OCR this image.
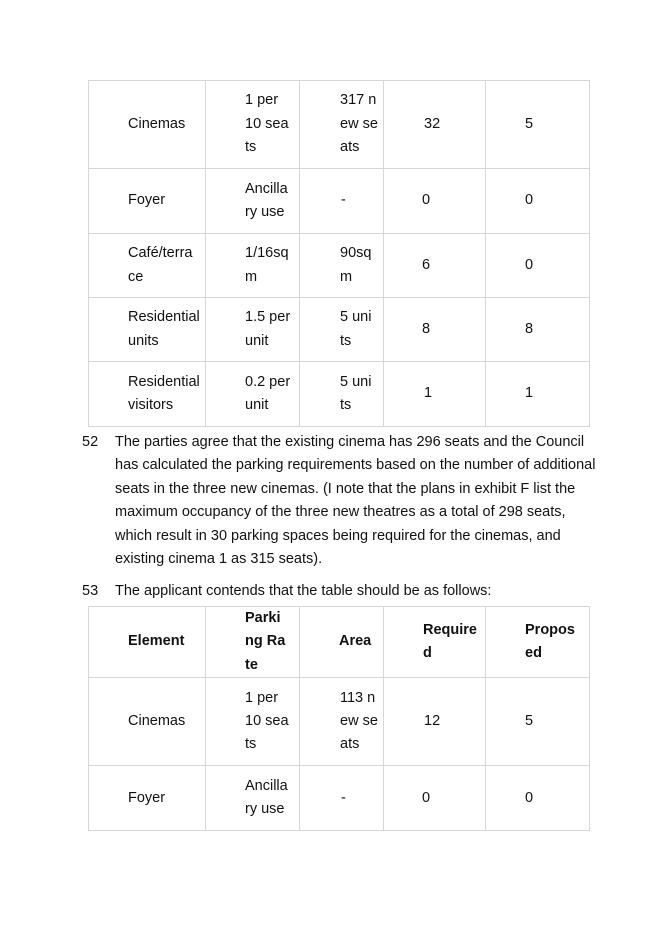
Cinemas	1 per 10 seats	317 new seats	32	5

Foyer	Ancillary use	-	0	0

Café/terrace	1/16sqm	90sqm	6	0

Residential units	1.5 per unit	5 units	8	8

Residential visitors	0.2 per unit	5 units	1	1
52	The parties agree that the existing cinema has 296 seats and the Council has calculated the parking requirements based on the number of additional seats in the three new cinemas. (I note that the plans in exhibit F list the maximum occupancy of the three new theatres as a total of 298 seats, which result in 30 parking spaces being required for the cinemas, and existing cinema 1 as 315 seats).
53	The applicant contends that the table should be as follows:
Element	Parking Rate	Area	Required	Proposed

Cinemas	1 per 10 seats	113 new seats	12	5

Foyer	Ancillary use	-	0	0
